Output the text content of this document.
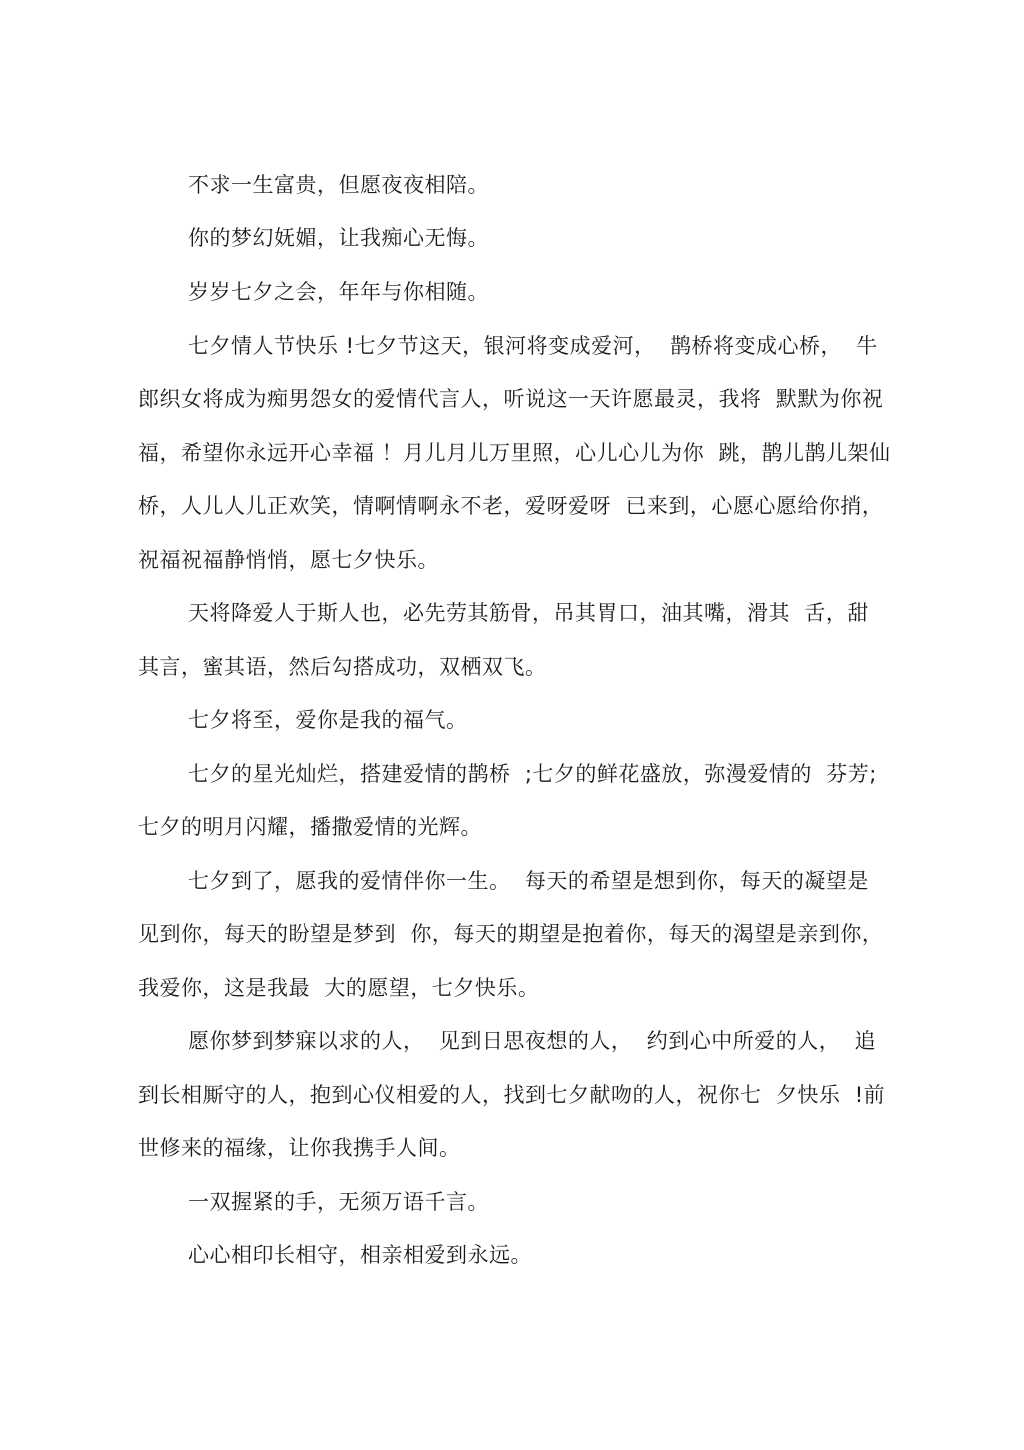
不求一生富贵，但愿夜夜相陪。
你的梦幻妩媚，让我痴心无悔。
岁岁七夕之会，年年与你相随。
七夕情人节快乐 !七夕节这天，银河将变成爱河，  鹊桥将变成心桥，  牛
郎织女将成为痴男怨女的爱情代言人，听说这一天许愿最灵，我将  默默为你祝
福，希望你永远开心幸福 ！月儿月儿万里照，心儿心儿为你  跳，鹊儿鹊儿架仙
桥，人儿人儿正欢笑，情啊情啊永不老，爱呀爱呀  已来到，心愿心愿给你捎，
祝福祝福静悄悄，愿七夕快乐。
天将降爱人于斯人也，必先劳其筋骨，吊其胃口，油其嘴，滑其  舌，甜
其言，蜜其语，然后勾搭成功，双栖双飞。
七夕将至，爱你是我的福气。
七夕的星光灿烂，搭建爱情的鹊桥  ;七夕的鲜花盛放，弥漫爱情的  芬芳;
七夕的明月闪耀，播撒爱情的光辉。
七夕到了，愿我的爱情伴你一生。  每天的希望是想到你，每天的凝望是
见到你，每天的盼望是梦到  你，每天的期望是抱着你，每天的渴望是亲到你，
我爱你，这是我最  大的愿望，七夕快乐。
愿你梦到梦寐以求的人，  见到日思夜想的人，  约到心中所爱的人，  追
到长相厮守的人，抱到心仪相爱的人，找到七夕献吻的人，祝你七  夕快乐  !前
世修来的福缘，让你我携手人间。
一双握紧的手，无须万语千言。
心心相印长相守，相亲相爱到永远。
